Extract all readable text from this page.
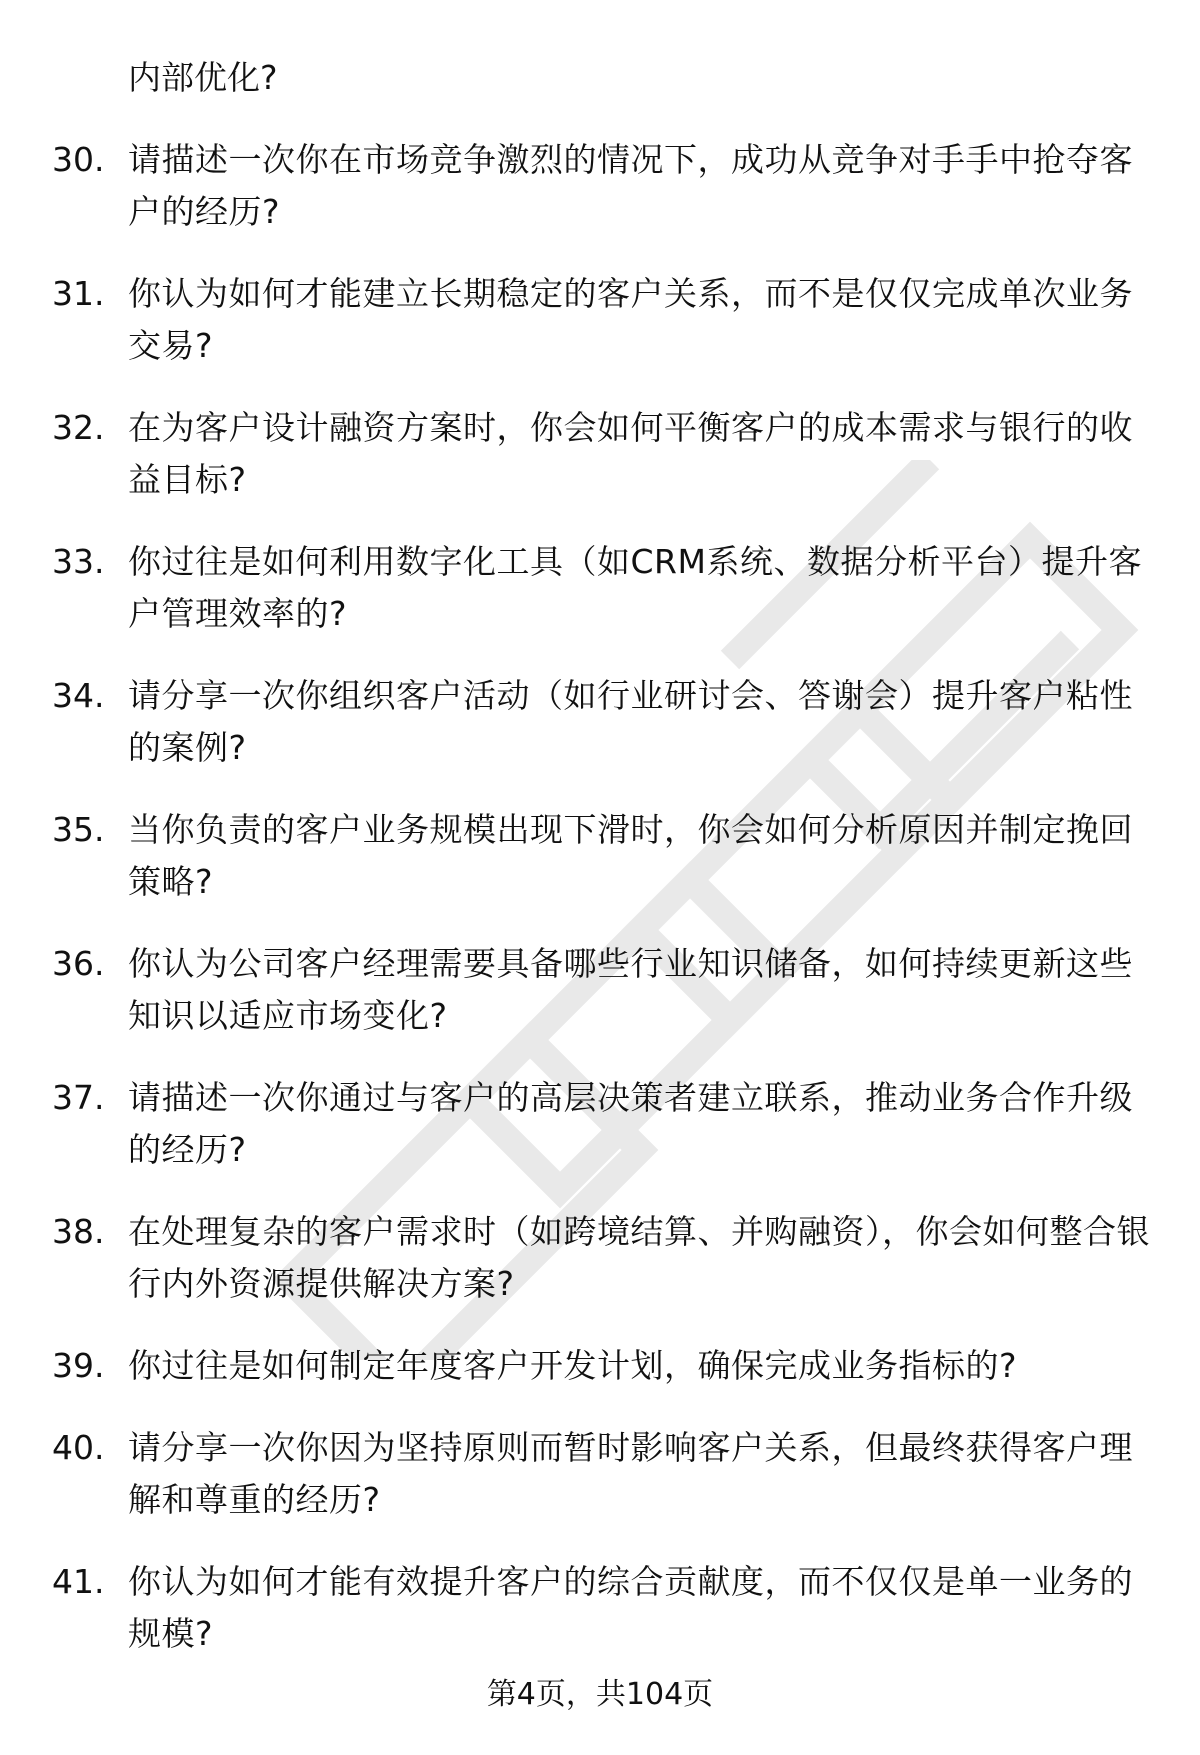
内部优化?
30. 请描述一次你在市场竞争激烈的情况下，成功从竞争对手手中抢夺客户的经历?
31. 你认为如何才能建立长期稳定的客户关系，而不是仅仅完成单次业务交易?
32. 在为客户设计融资方案时，你会如何平衡客户的成本需求与银行的收益目标?
33. 你过往是如何利用数字化工具（如CRM系统、数据分析平台）提升客户管理效率的?
34. 请分享一次你组织客户活动（如行业研讨会、答谢会）提升客户粘性的案例?
35. 当你负责的客户业务规模出现下滑时，你会如何分析原因并制定挽回策略?
36. 你认为公司客户经理需要具备哪些行业知识储备，如何持续更新这些知识以适应市场变化?
37. 请描述一次你通过与客户的高层决策者建立联系，推动业务合作升级的经历?
38. 在处理复杂的客户需求时（如跨境结算、并购融资），你会如何整合银行内外资源提供解决方案?
39. 你过往是如何制定年度客户开发计划，确保完成业务指标的?
40. 请分享一次你因为坚持原则而暂时影响客户关系，但最终获得客户理解和尊重的经历?
41. 你认为如何才能有效提升客户的综合贡献度，而不仅仅是单一业务的规模?
第4页，共104页
